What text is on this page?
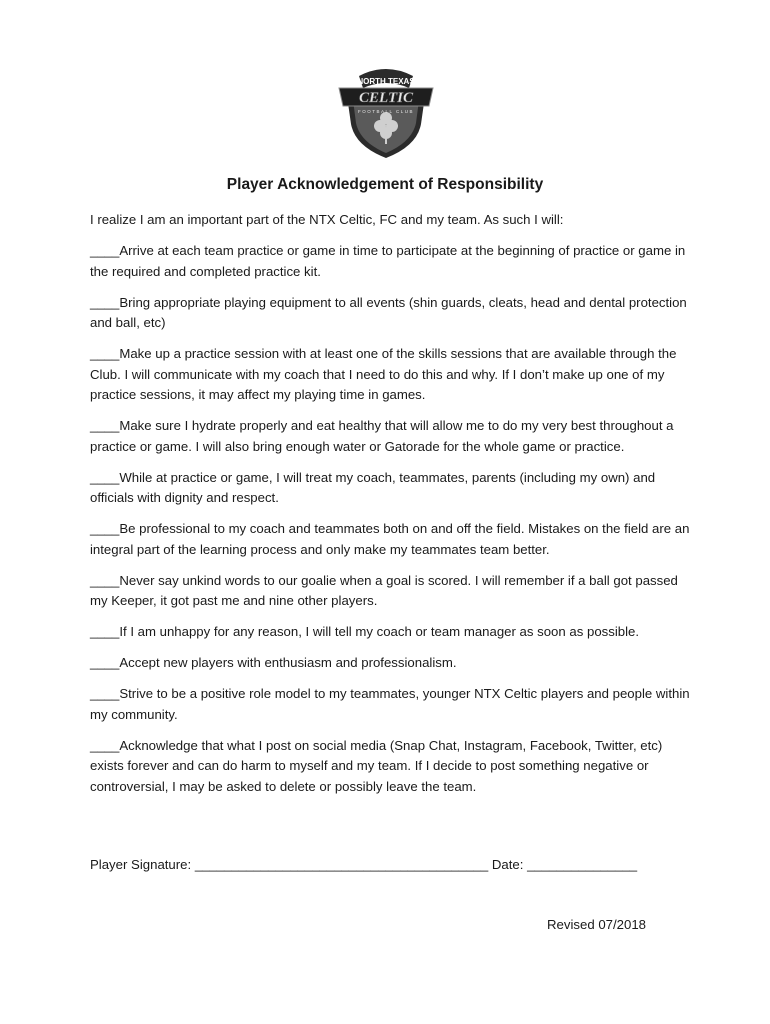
NORTH TEXAS
CELTIC
FOOTBALL CLUB
Player Acknowledgement of Responsibility

I realize I am an important part of the NTX Celtic, FC and my team. As such I will:

____Arrive at each team practice or game in time to participate at the beginning of practice or game in the required and completed practice kit.

____Bring appropriate playing equipment to all events (shin guards, cleats, head and dental protection and ball, etc)

____Make up a practice session with at least one of the skills sessions that are available through the Club. I will communicate with my coach that I need to do this and why. If I don’t make up one of my practice sessions, it may affect my playing time in games.

____Make sure I hydrate properly and eat healthy that will allow me to do my very best throughout a practice or game. I will also bring enough water or Gatorade for the whole game or practice.

____While at practice or game, I will treat my coach, teammates, parents (including my own) and officials with dignity and respect.

____Be professional to my coach and teammates both on and off the field. Mistakes on the field are an integral part of the learning process and only make my teammates team better.

____Never say unkind words to our goalie when a goal is scored. I will remember if a ball got passed my Keeper, it got past me and nine other players.

____If I am unhappy for any reason, I will tell my coach or team manager as soon as possible.

____Accept new players with enthusiasm and professionalism.

____Strive to be a positive role model to my teammates, younger NTX Celtic players and people within my community.

____Acknowledge that what I post on social media (Snap Chat, Instagram, Facebook, Twitter, etc) exists forever and can do harm to myself and my team. If I decide to post something negative or controversial, I may be asked to delete or possibly leave the team.

Player Signature: ________________________________________ Date: _______________
Revised 07/2018
